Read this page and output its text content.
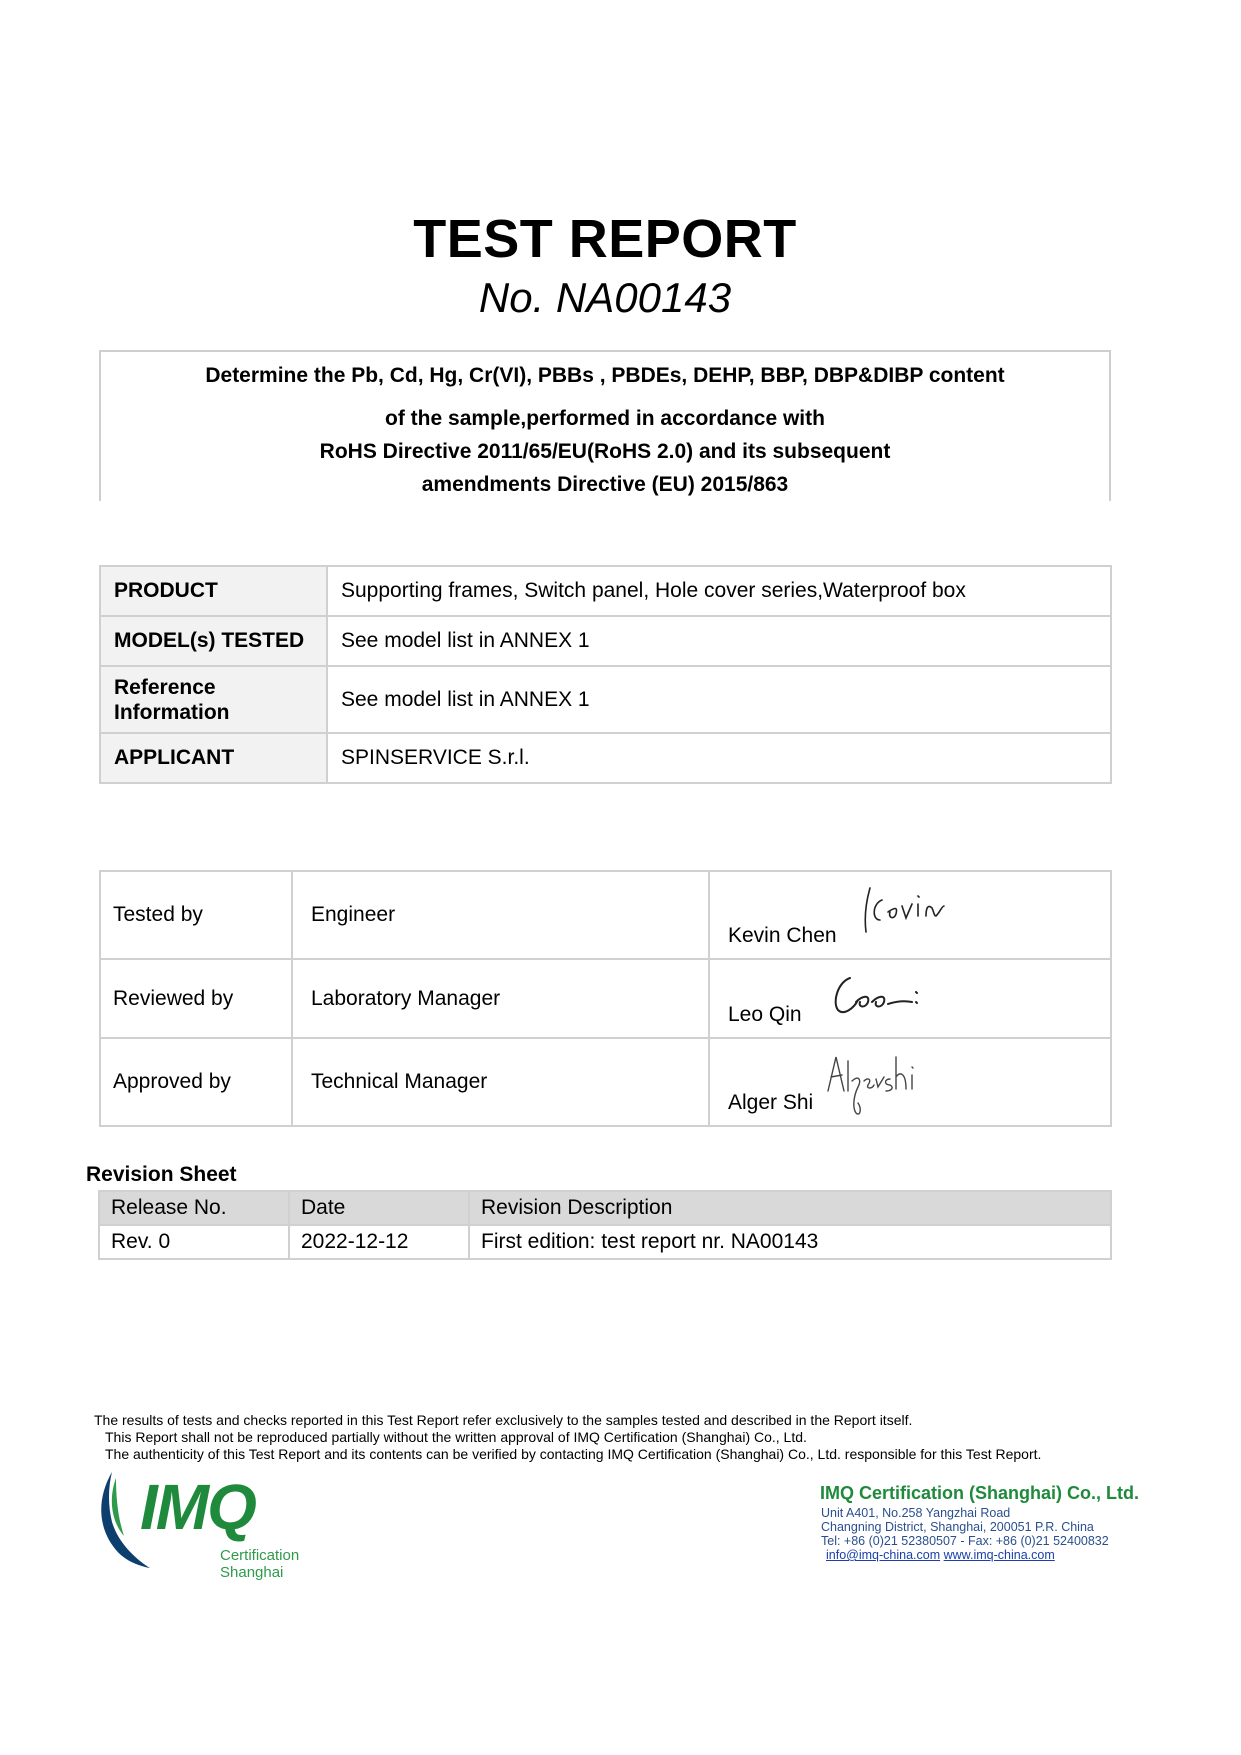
TEST REPORT
No. NA00143
Determine the Pb, Cd, Hg, Cr(VI), PBBs , PBDEs, DEHP, BBP, DBP&DIBP content
of the sample,performed in accordance with
RoHS Directive 2011/65/EU(RoHS 2.0) and its subsequent
amendments Directive (EU) 2015/863
PRODUCT	Supporting frames, Switch panel, Hole cover series,Waterproof box
MODEL(s) TESTED	See model list in ANNEX 1
Reference
Information	See model list in ANNEX 1
APPLICANT	SPINSERVICE S.r.l.
Tested by	Engineer	Kevin Chen

Reviewed by	Laboratory Manager	Leo Qin

Approved by	Technical Manager	Alger Shi
Revision Sheet
Release No.	Date	Revision Description
Rev. 0	2022-12-12	First edition: test report nr. NA00143
The results of tests and checks reported in this Test Report refer exclusively to the samples tested and described in the Report itself.
This Report shall not be reproduced partially without the written approval of IMQ Certification (Shanghai) Co., Ltd.
The authenticity of this Test Report and its contents can be verified by contacting IMQ Certification (Shanghai) Co., Ltd. responsible for this Test Report.
IMQ
Certification
Shanghai
IMQ Certification (Shanghai) Co., Ltd.
Unit A401, No.258 Yangzhai Road
Changning District, Shanghai, 200051 P.R. China
Tel: +86 (0)21 52380507 - Fax: +86 (0)21 52400832
info@imq-china.com www.imq-china.com
